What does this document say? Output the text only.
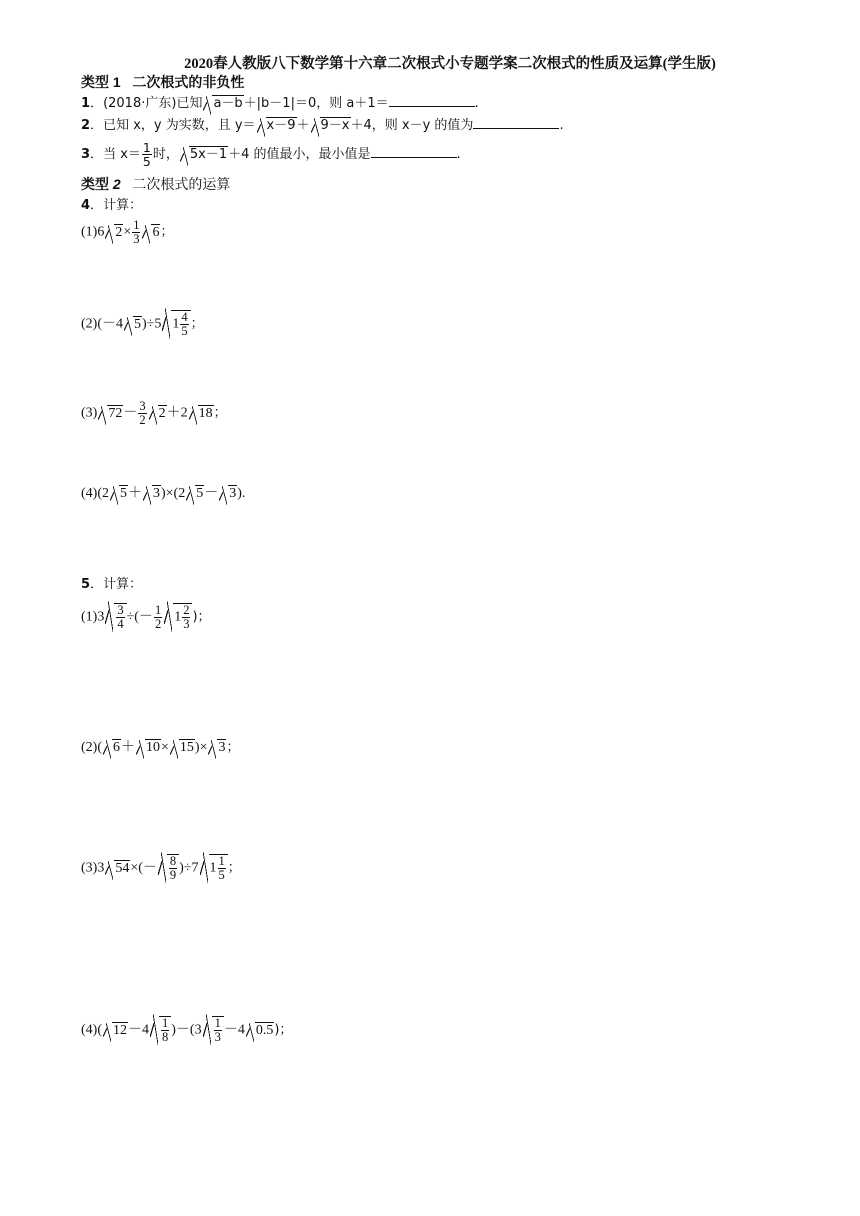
2020春人教版八下数学第十六章二次根式小专题学案二次根式的性质及运算(学生版)
类型 1 二次根式的非负性
1．(2018·广东)已知 a－b＋|b－1|＝0，则 a＋1＝	.
2．已知 x，y 为实数，且 y＝ x－9＋ 9－x＋4，则 x－y 的值为	.
3．当 $x= \frac{1}{5}$ 时， 5x－1＋4 的值最小，最小值是	.
类型 2 二次根式的运算
4．计算：
(1)6 $2\times \frac{1}{3} 6$；
(2)(－4 5)÷5 $1 \frac{4}{5}$ ；
(3) $72- \frac{3}{2} 2+2$ 18；
(4)(2 5＋ 3)×(2 5－ 3).
5．计算：
$(1)3 \frac{3}{4}$ ÷(－ $\frac{1}{2} 1 \frac{2}{3}$ )；
(2)( 6＋ 10× 15)× 3；
(3)3 $54\times(- \frac{8}{9} )\div 7$ $1 \frac{1}{5}$ ；
(4)( $12-4 \frac{1}{8} )-(3 \frac{1}{3} -4$ 0.5)；
